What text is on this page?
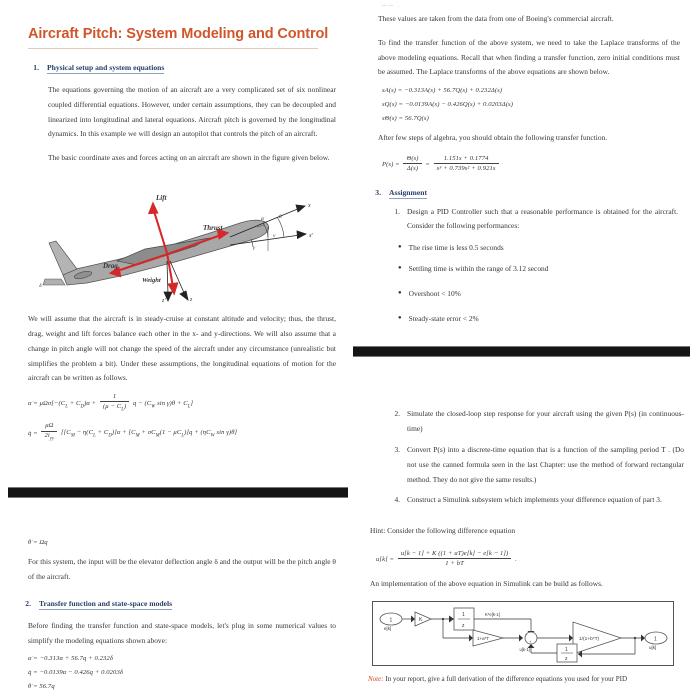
Aircraft Pitch: System Modeling and Control
1. Physical setup and system equations

The equations governing the motion of an aircraft are a very complicated set of six nonlinear coupled differential equations. However, under certain assumptions, they can be decoupled and linearized into longitudinal and lateral equations. Aircraft pitch is governed by the longitudinal dynamics. In this example we will design an autopilot that controls the pitch of an aircraft.

The basic coordinate axes and forces acting on an aircraft are shown in the figure given below.

Lift
Thrust
Drag
Weight
x
x'
z
z'
α	θ
γ
v
δ

We will assume that the aircraft is in steady-cruise at constant altitude and velocity; thus, the thrust, drag, weight and lift forces balance each other in the x- and y-directions. We will also assume that a change in pitch angle will not change the speed of the aircraft under any circumstance (unrealistic but simplifies the problem a bit). Under these assumptions, the longitudinal equations of motion for the aircraft can be written as follows.

α̇ = $\mu\Omega\sigma[-(C_L + C_D)\alpha + \frac{1}{(\mu - C_L)}$ $q - (C_W$ $\sin \gamma)\theta + C_L$]
q̇ = $\frac{\mu\Omega}{2i_{yy}} [[C_M - \eta(C_L + C_D)]\alpha + [C_M + \sigma C_M(1 - \mu C_L)]q + (\eta C_W$ sin γ)θ]
θ̇ = Ωq

For this system, the input will be the elevator deflection angle δ and the output will be the pitch angle θ of the aircraft.

2. Transfer function and state-space models

Before finding the transfer function and state-space models, let's plug in some numerical values to simplify the modeling equations shown above:

α̇ = −0.313α + 56.7q + 0.232δ
q̇ = −0.0139α − 0.426q + 0.0203δ
θ̇ = 56.7q
—— .

These values are taken from the data from one of Boeing's commercial aircraft.

To find the transfer function of the above system, we need to take the Laplace transforms of the above modeling equations. Recall that when finding a transfer function, zero initial conditions must be assumed. The Laplace transforms of the above equations are shown below.

sA(s) = −0.313A(s) + 56.7Q(s) + 0.232Δ(s)
sQ(s) = −0.0139A(s) − 0.426Q(s) + 0.0203Δ(s)
sΘ(s) = 56.7Q(s)

After few steps of algebra, you should obtain the following transfer function.

$P(s) = \frac{\Theta(s)}{\Delta(s)} = \frac{1.151s + 0.1774}{\text{s³ + 0.739s² + 0.921s}}$
3. Assignment
1. Design a PID Controller such that a reasonable performance is obtained for the aircraft. Consider the following performances:
● The rise time is less 0.5 seconds
● Settling time is within the range of 3.12 second
● Overshoot < 10%
● Steady-state error < 2%
2. Simulate the closed-loop step response for your aircraft using the given P(s) (in continuous-time)
3. Convert P(s) into a discrete-time equation that is a function of the sampling period T . (Do not use the canned formula seen in the last Chapter: use the method of forward rectangular method. They do not give the same results.)
4. Construct a Simulink subsystem which implements your difference equation of part 3.

Hint: Consider the following difference equation

$u[k] = \frac{u[k - 1] + K ((1 + aT)e[k] - e[k - 1])}{1 + bT}$ .

An implementation of the above equation in Simulink can be build as follows.

1
e[k]
K
1
z
K*e[k-1]
1+a*T
+
+	1/(1+b*T)	1
u[k]
1
z
u[k-1]
Note: In your report, give a full derivation of the difference equations you used for your PID
